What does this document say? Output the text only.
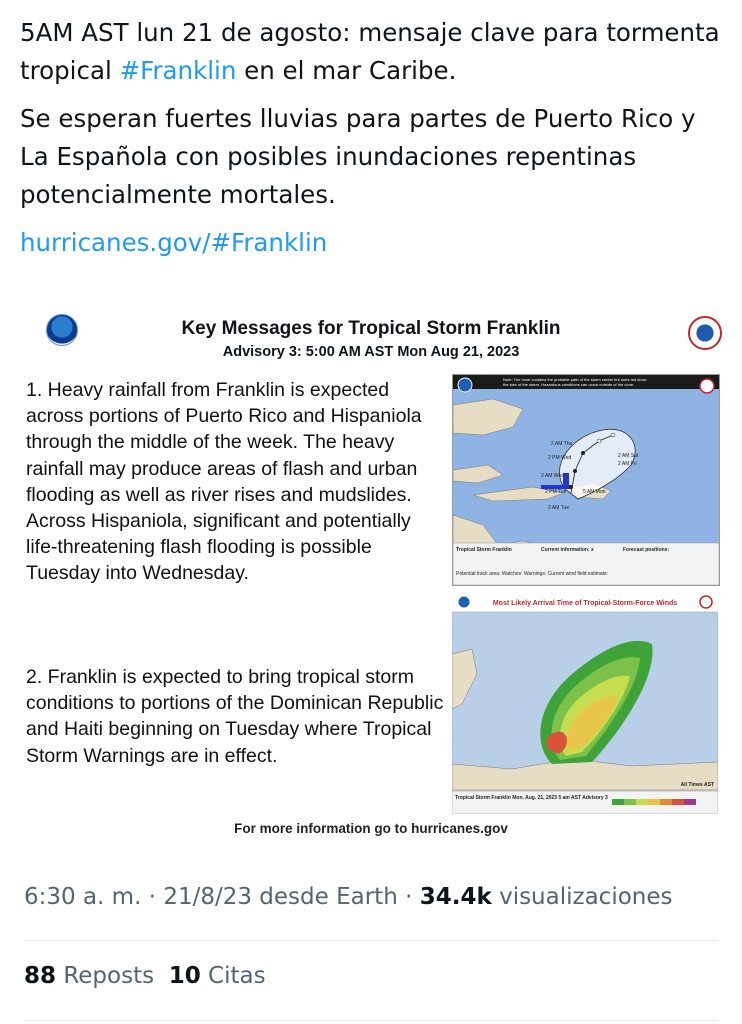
5AM AST lun 21 de agosto: mensaje clave para tormenta tropical #Franklin en el mar Caribe.

Se esperan fuertes lluvias para partes de Puerto Rico y La Española con posibles inundaciones repentinas potencialmente mortales.

hurricanes.gov/#Franklin

Key Messages for Tropical Storm Franklin
Advisory 3: 5:00 AM AST Mon Aug 21, 2023

1. Heavy rainfall from Franklin is expected across portions of Puerto Rico and Hispaniola through the middle of the week. The heavy rainfall may produce areas of flash and urban flooding as well as river rises and mudslides. Across Hispaniola, significant and potentially life-threatening flash flooding is possible Tuesday into Wednesday.

2. Franklin is expected to bring tropical storm conditions to portions of the Dominican Republic and Haiti beginning on Tuesday where Tropical Storm Warnings are in effect.

Note: The cone contains the probable path of the storm center but does not show
the size of the storm. Hazardous conditions can occur outside of the cone.
2 AM Thu
2 AM Sat
2 AM Fri
2 PM Wed
2 AM Wed
2 PM Tue	5 AM Mon
2 AM Tue
Tropical Storm Franklin	Current information: x	Forecast positions:
Potential track area: Watches: Warnings: Current wind field estimate:
Most Likely Arrival Time of Tropical-Storm-Force Winds
All Times AST
Tropical Storm Franklin Mon. Aug. 21, 2023 5 am AST Advisory 3
For more information go to hurricanes.gov
6:30 a. m. · 21/8/23 desde Earth · 34.4k visualizaciones
88 Reposts 10 Citas
